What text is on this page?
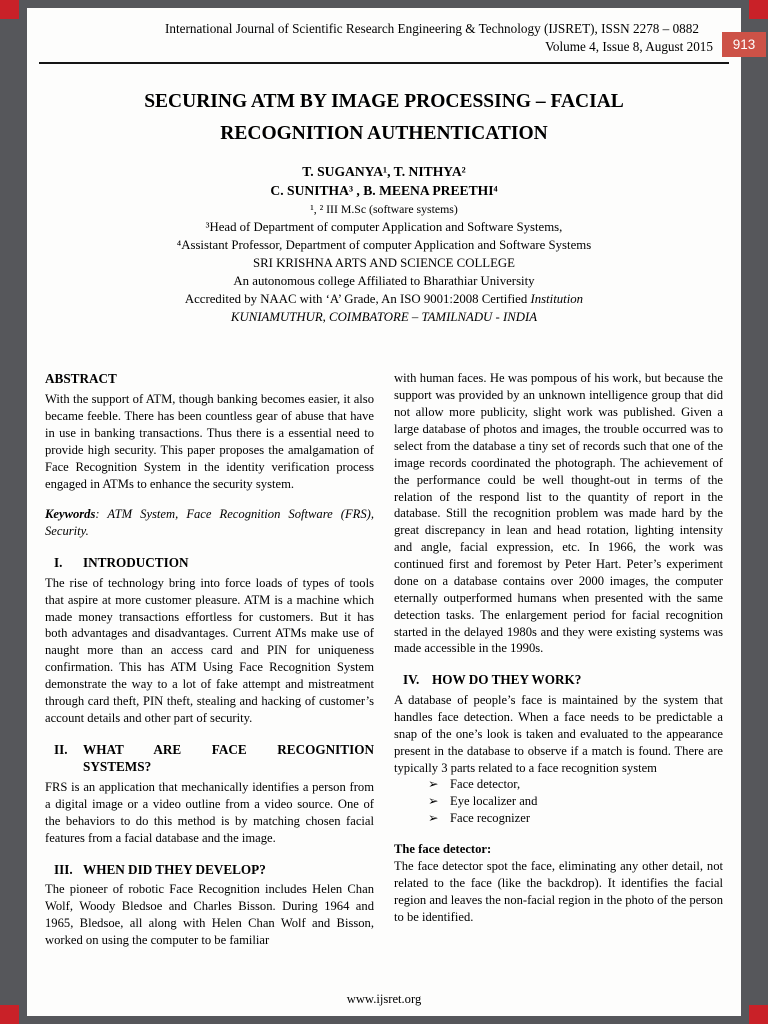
913
International Journal of Scientific Research Engineering & Technology (IJSRET), ISSN 2278 – 0882
Volume 4, Issue 8, August 2015
SECURING ATM BY IMAGE PROCESSING – FACIAL
RECOGNITION AUTHENTICATION
T. SUGANYA¹, T. NITHYA²
C. SUNITHA³ , B. MEENA PREETHI⁴
¹, ² III M.Sc (software systems)
³Head of Department of computer Application and Software Systems,
⁴Assistant Professor, Department of computer Application and Software Systems
SRI KRISHNA ARTS AND SCIENCE COLLEGE
An autonomous college Affiliated to Bharathiar University
Accredited by NAAC with ‘A’ Grade, An ISO 9001:2008 Certified Institution
KUNIAMUTHUR, COIMBATORE – TAMILNADU - INDIA
ABSTRACT
With the support of ATM, though banking becomes easier, it also became feeble. There has been countless gear of abuse that have in use in banking transactions. Thus there is a essential need to provide high security. This paper proposes the amalgamation of Face Recognition System in the identity verification process engaged in ATMs to enhance the security system.
Keywords: ATM System, Face Recognition Software (FRS), Security.
I.	INTRODUCTION
The rise of technology bring into force loads of types of tools that aspire at more customer pleasure. ATM is a machine which made money transactions effortless for customers. But it has both advantages and disadvantages. Current ATMs make use of naught more than an access card and PIN for uniqueness confirmation. This has ATM Using Face Recognition System demonstrate the way to a lot of fake attempt and mistreatment through card theft, PIN theft, stealing and hacking of customer’s account details and other part of security.
II.	WHAT ARE FACE RECOGNITION SYSTEMS?
FRS is an application that mechanically identifies a person from a digital image or a video outline from a video source. One of the behaviors to do this method is by matching chosen facial features from a facial database and the image.
III. WHEN DID THEY DEVELOP?
The pioneer of robotic Face Recognition includes Helen Chan Wolf, Woody Bledsoe and Charles Bisson. During 1964 and 1965, Bledsoe, all along with Helen Chan Wolf and Bisson, worked on using the computer to be familiar
with human faces. He was pompous of his work, but because the support was provided by an unknown intelligence group that did not allow more publicity, slight work was published. Given a large database of photos and images, the trouble occurred was to select from the database a tiny set of records such that one of the image records coordinated the photograph. The achievement of the performance could be well thought-out in terms of the relation of the respond list to the quantity of report in the database. Still the recognition problem was made hard by the great discrepancy in lean and head rotation, lighting intensity and angle, facial expression, etc. In 1966, the work was continued first and foremost by Peter Hart. Peter’s experiment done on a database contains over 2000 images, the computer eternally outperformed humans when presented with the same detection tasks. The enlargement period for facial recognition started in the delayed 1980s and they were existing systems was made accessible in the 1990s.
IV. HOW DO THEY WORK?
A database of people’s face is maintained by the system that handles face detection. When a face needs to be predictable a snap of the one’s look is taken and evaluated to the appearance present in the database to observe if a match is found. There are typically 3 parts related to a face recognition system
➢ Face detector,
➢ Eye localizer and
➢ Face recognizer
The face detector:
The face detector spot the face, eliminating any other detail, not related to the face (like the backdrop). It identifies the facial region and leaves the non-facial region in the photo of the person to be identified.
www.ijsret.org
